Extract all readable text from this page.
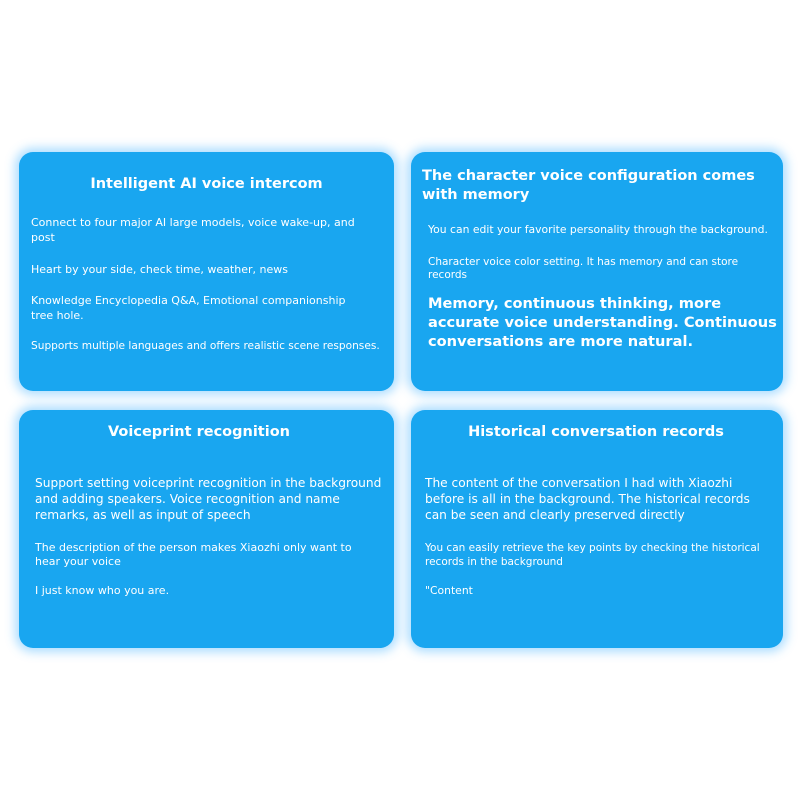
Intelligent AI voice intercom

Connect to four major AI large models, voice wake-up, and post

Heart by your side, check time, weather, news

Knowledge Encyclopedia Q&A, Emotional companionship tree hole.

Supports multiple languages and offers realistic scene responses.

The character voice configuration comes with memory

You can edit your favorite personality through the background.

Character voice color setting. It has memory and can store records

Memory, continuous thinking, more accurate voice understanding. Continuous conversations are more natural.

Voiceprint recognition

Support setting voiceprint recognition in the background and adding speakers. Voice recognition and name remarks, as well as input of speech

The description of the person makes Xiaozhi only want to hear your voice

I just know who you are.

Historical conversation records

The content of the conversation I had with Xiaozhi before is all in the background. The historical records can be seen and clearly preserved directly

You can easily retrieve the key points by checking the historical records in the background

"Content
